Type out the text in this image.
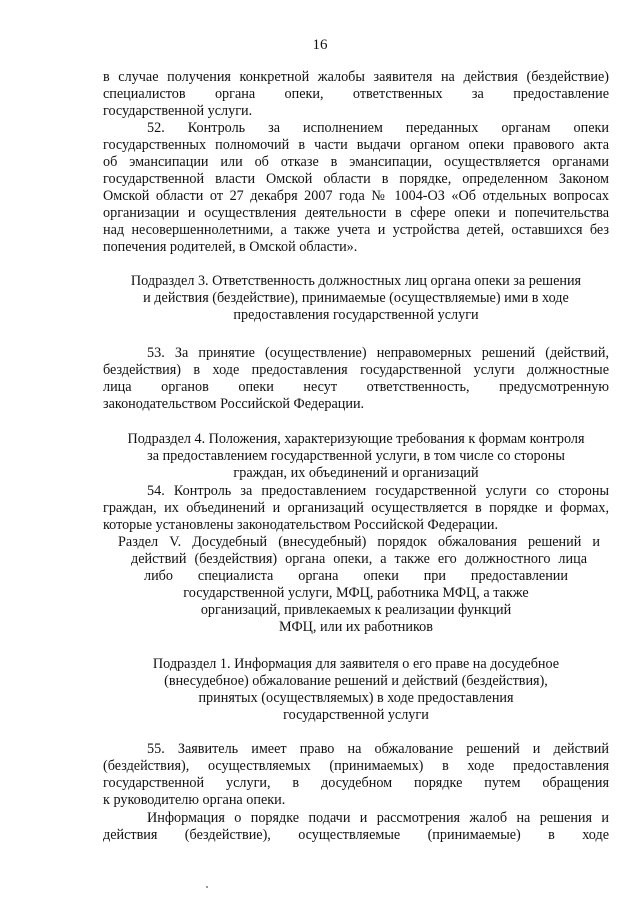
16
в случае получения конкретной жалобы заявителя на действия (бездействие)
специалистов органа опеки, ответственных за предоставление
государственной услуги.
52. Контроль за исполнением переданных органам опеки
государственных полномочий в части выдачи органом опеки правового акта
об эмансипации или об отказе в эмансипации, осуществляется органами
государственной власти Омской области в порядке, определенном Законом
Омской области от 27 декабря 2007 года № 1004-ОЗ «Об отдельных вопросах
организации и осуществления деятельности в сфере опеки и попечительства
над несовершеннолетними, а также учета и устройства детей, оставшихся без
попечения родителей, в Омской области».
Подраздел 3. Ответственность должностных лиц органа опеки за решения
и действия (бездействие), принимаемые (осуществляемые) ими в ходе
предоставления государственной услуги
53. За принятие (осуществление) неправомерных решений (действий,
бездействия) в ходе предоставления государственной услуги должностные
лица органов опеки несут ответственность, предусмотренную
законодательством Российской Федерации.
Подраздел 4. Положения, характеризующие требования к формам контроля
за предоставлением государственной услуги, в том числе со стороны
граждан, их объединений и организаций
54. Контроль за предоставлением государственной услуги со стороны
граждан, их объединений и организаций осуществляется в порядке и формах,
которые установлены законодательством Российской Федерации.
Раздел V. Досудебный (внесудебный) порядок обжалования решений и
действий (бездействия) органа опеки, а также его должностного лица
либо специалиста органа опеки при предоставлении
государственной услуги, МФЦ, работника МФЦ, а также
организаций, привлекаемых к реализации функций
МФЦ, или их работников
Подраздел 1. Информация для заявителя о его праве на досудебное
(внесудебное) обжалование решений и действий (бездействия),
принятых (осуществляемых) в ходе предоставления
государственной услуги
55. Заявитель имеет право на обжалование решений и действий
(бездействия), осуществляемых (принимаемых) в ходе предоставления
государственной услуги, в досудебном порядке путем обращения
к руководителю органа опеки.
Информация о порядке подачи и рассмотрения жалоб на решения и
действия (бездействие), осуществляемые (принимаемые) в ходе
